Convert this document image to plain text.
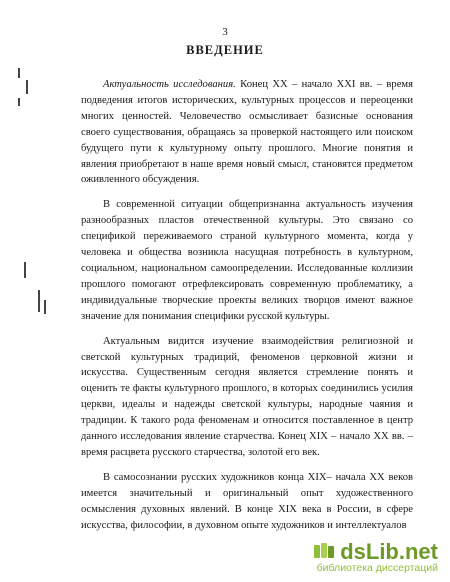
3
ВВЕДЕНИЕ

Актуальность исследования. Конец XX – начало XXI вв. – время подведения итогов исторических, культурных процессов и переоценки многих ценностей. Человечество осмысливает базисные основания своего существования, обращаясь за проверкой настоящего или поиском будущего пути к культурному опыту прошлого. Многие понятия и явления приобретают в наше время новый смысл, становятся предметом оживленного обсуждения.

В современной ситуации общепризнанна актуальность изучения разнообразных пластов отечественной культуры. Это связано со спецификой переживаемого страной культурного момента, когда у человека и общества возникла насущная потребность в культурном, социальном, национальном самоопределении. Исследованные коллизии прошлого помогают отрефлексировать современную проблематику, а индивидуальные творческие проекты великих творцов имеют важное значение для понимания специфики русской культуры.

Актуальным видится изучение взаимодействия религиозной и светской культурных традиций, феноменов церковной жизни и искусства. Существенным сегодня является стремление понять и оценить те факты культурного прошлого, в которых соединились усилия церкви, идеалы и надежды светской культуры, народные чаяния и традиции. К такого рода феноменам и относится поставленное в центр данного исследования явление старчества. Конец XIX – начало XX вв. – время расцвета русского старчества, золотой его век.

В самосознании русских художников конца XIX– начала XX веков имеется значительный и оригинальный опыт художественного осмысления духовных явлений. В конце XIX века в России, в сфере искусства, философии, в духовном опыте художников и интеллектуалов

dsLib.net
библиотека диссертаций
